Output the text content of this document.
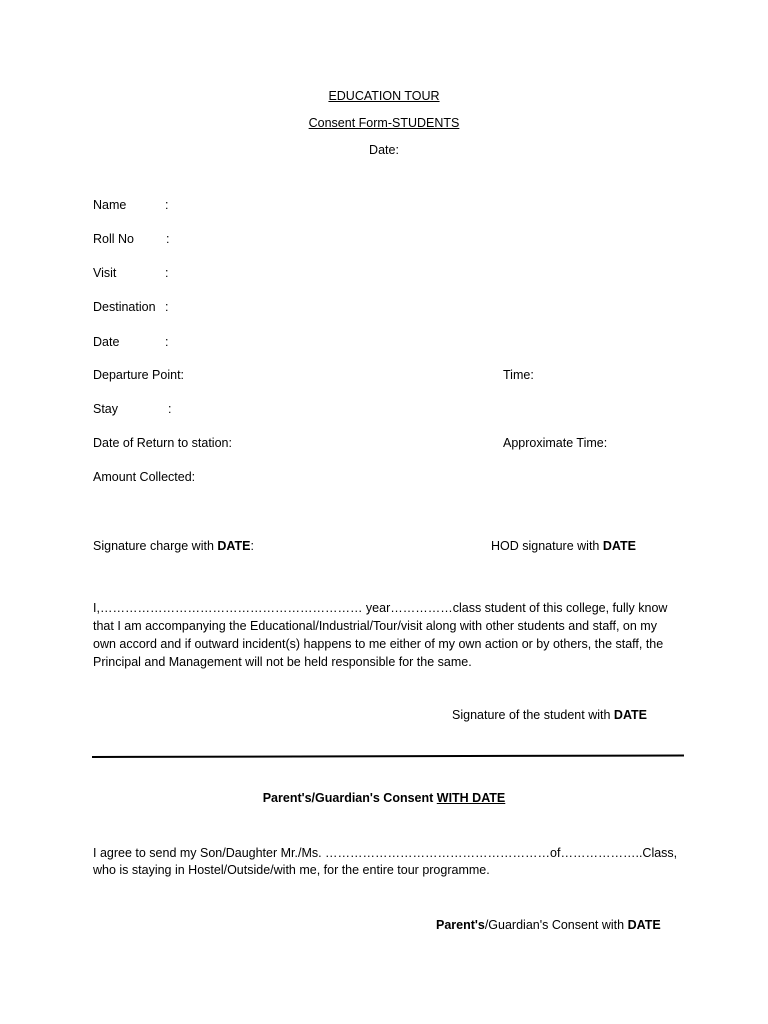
EDUCATION TOUR
Consent Form-STUDENTS
Date:
Name	:
Roll No	:
Visit	:
Destination :
Date	:
Departure Point:	Time:
Stay	:
Date of Return to station:	Approximate Time:
Amount Collected:
Signature charge with DATE:	HOD signature with DATE
I,……………………………………………………… year……………class student of this college, fully know that I am accompanying the Educational/Industrial/Tour/visit along with other students and staff, on my own accord and if outward incident(s) happens to me either of my own action or by others, the staff, the Principal and Management will not be held responsible for the same.
Signature of the student with DATE
Parent's/Guardian's Consent WITH DATE
I agree to send my Son/Daughter Mr./Ms. ………………………………………………of………………..Class, who is staying in Hostel/Outside/with me, for the entire tour programme.
Parent's/Guardian's Consent with DATE
